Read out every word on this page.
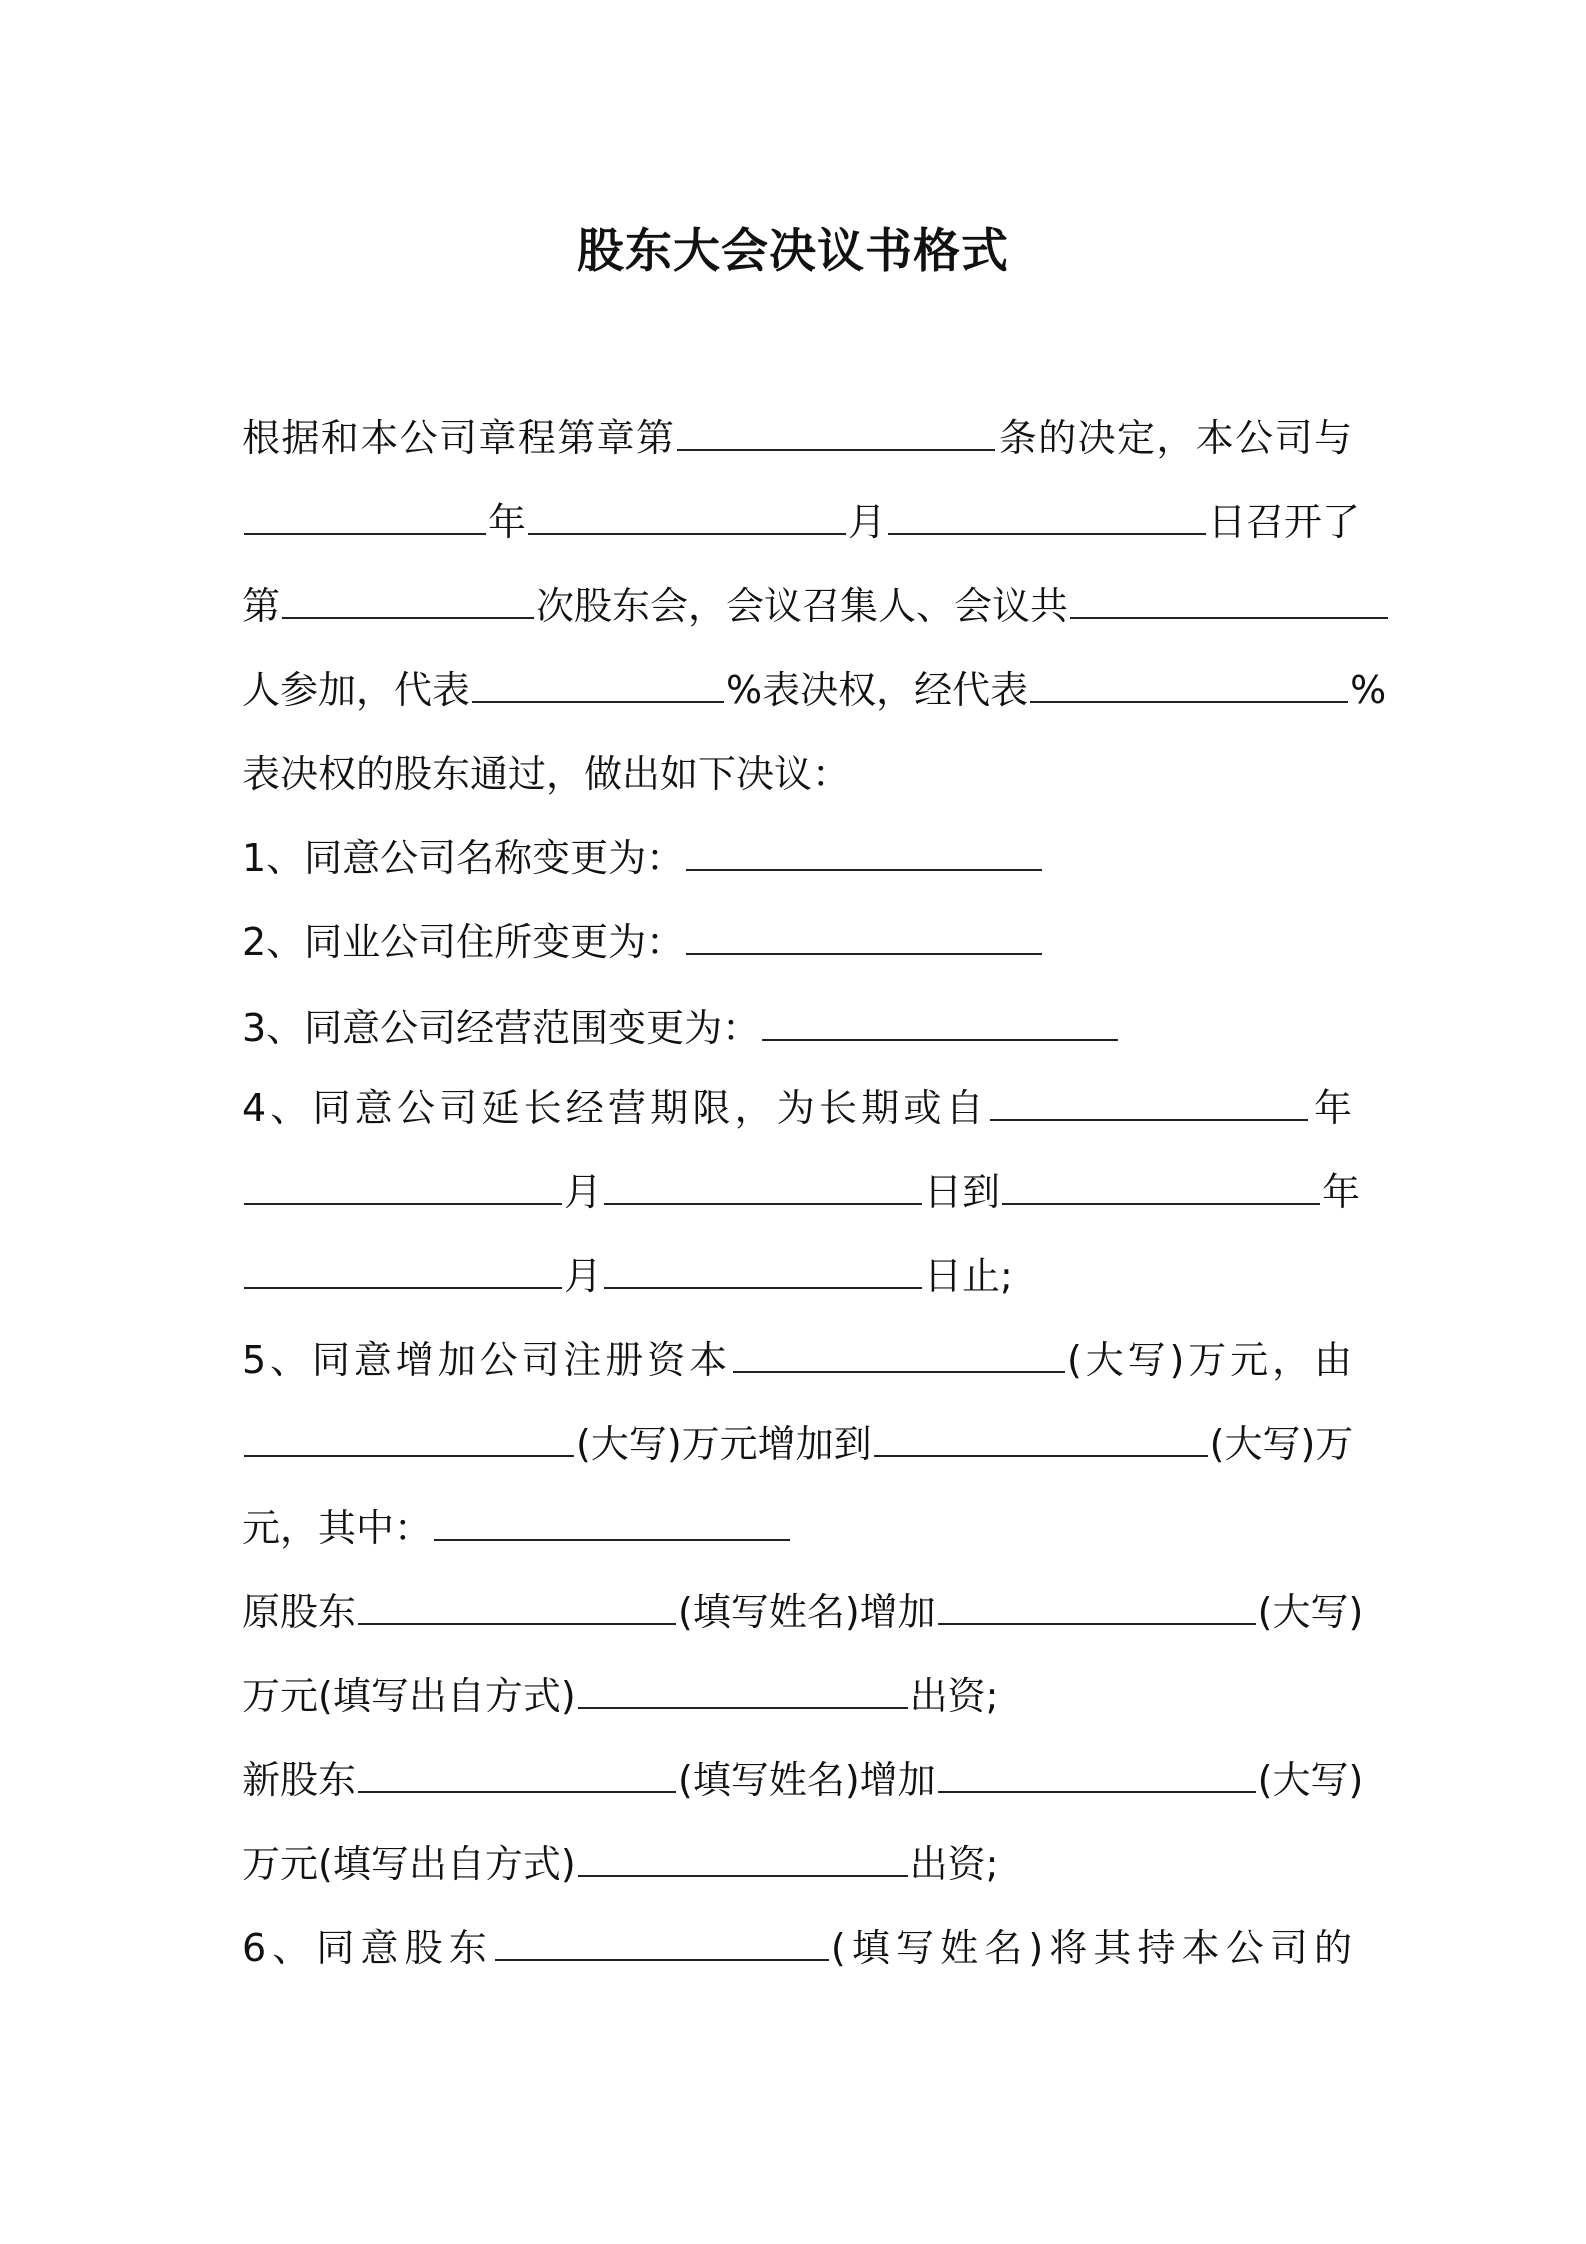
股东大会决议书格式
根据和本公司章程第章第	条的决定，本公司与
年	月	日召开了
第	次股东会，会议召集人、会议共
人参加，代表	%表决权，经代表	%
表决权的股东通过，做出如下决议：
1、同意公司名称变更为：
2、同业公司住所变更为：
3、同意公司经营范围变更为：
4、同意公司延长经营期限，为长期或自	年
月	日到	年
月	日止;
5、同意增加公司注册资本	(大写)万元，由
(大写)万元增加到	(大写)万
元，其中：
原股东	(填写姓名)增加	(大写)
万元(填写出自方式)	出资;
新股东	(填写姓名)增加	(大写)
万元(填写出自方式)	出资;
6、同意股东	(填写姓名)将其持本公司的
